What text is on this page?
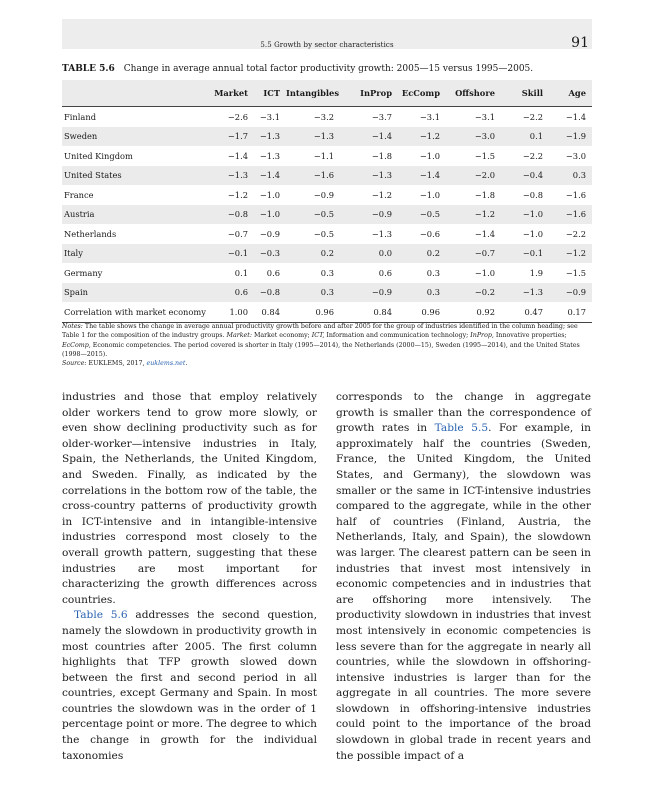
5.5 Growth by sector characteristics	91
TABLE 5.6 Change in average annual total factor productivity growth: 2005—15 versus 1995—2005.
	Market	ICT	Intangibles	InProp	EcComp	Offshore	Skill	Age
Finland	−2.6	−3.1	−3.2	−3.7	−3.1	−3.1	−2.2	−1.4
Sweden	−1.7	−1.3	−1.3	−1.4	−1.2	−3.0	0.1	−1.9
United Kingdom	−1.4	−1.3	−1.1	−1.8	−1.0	−1.5	−2.2	−3.0
United States	−1.3	−1.4	−1.6	−1.3	−1.4	−2.0	−0.4	0.3
France	−1.2	−1.0	−0.9	−1.2	−1.0	−1.8	−0.8	−1.6
Austria	−0.8	−1.0	−0.5	−0.9	−0.5	−1.2	−1.0	−1.6
Netherlands	−0.7	−0.9	−0.5	−1.3	−0.6	−1.4	−1.0	−2.2
Italy	−0.1	−0.3	0.2	0.0	0.2	−0.7	−0.1	−1.2
Germany	0.1	0.6	0.3	0.6	0.3	−1.0	1.9	−1.5
Spain	0.6	−0.8	0.3	−0.9	0.3	−0.2	−1.3	−0.9
Correlation with market economy	1.00	0.84	0.96	0.84	0.96	0.92	0.47	0.17

Notes: The table shows the change in average annual productivity growth before and after 2005 for the group of industries identified in the column heading; see Table 1 for the composition of the industry groups. Market: Market economy; ICT, Information and communication technology; InProp, Innovative properties; EcComp, Economic competencies. The period covered is shorter in Italy (1995—2014), the Netherlands (2000—15), Sweden (1995—2014), and the United States (1998—2015).

Source: EUKLEMS, 2017, euklems.net.

industries and those that employ relatively older workers tend to grow more slowly, or even show declining productivity such as for older-worker—intensive industries in Italy, Spain, the Netherlands, the United Kingdom, and Sweden. Finally, as indicated by the correlations in the bottom row of the table, the cross-country patterns of productivity growth in ICT-intensive and in intangible-intensive industries correspond most closely to the overall growth pattern, suggesting that these industries are most important for characterizing the growth differences across countries.

Table 5.6 addresses the second question, namely the slowdown in productivity growth in most countries after 2005. The first column highlights that TFP growth slowed down between the first and second period in all countries, except Germany and Spain. In most countries the slowdown was in the order of 1 percentage point or more. The degree to which the change in growth for the individual taxonomies

corresponds to the change in aggregate growth is smaller than the correspondence of growth rates in Table 5.5. For example, in approximately half the countries (Sweden, France, the United Kingdom, the United States, and Germany), the slowdown was smaller or the same in ICT-intensive industries compared to the aggregate, while in the other half of countries (Finland, Austria, the Netherlands, Italy, and Spain), the slowdown was larger. The clearest pattern can be seen in industries that invest most intensively in economic competencies and in industries that are offshoring more intensively. The productivity slowdown in industries that invest most intensively in economic competencies is less severe than for the aggregate in nearly all countries, while the slowdown in offshoring-intensive industries is larger than for the aggregate in all countries. The more severe slowdown in offshoring-intensive industries could point to the importance of the broad slowdown in global trade in recent years and the possible impact of a
